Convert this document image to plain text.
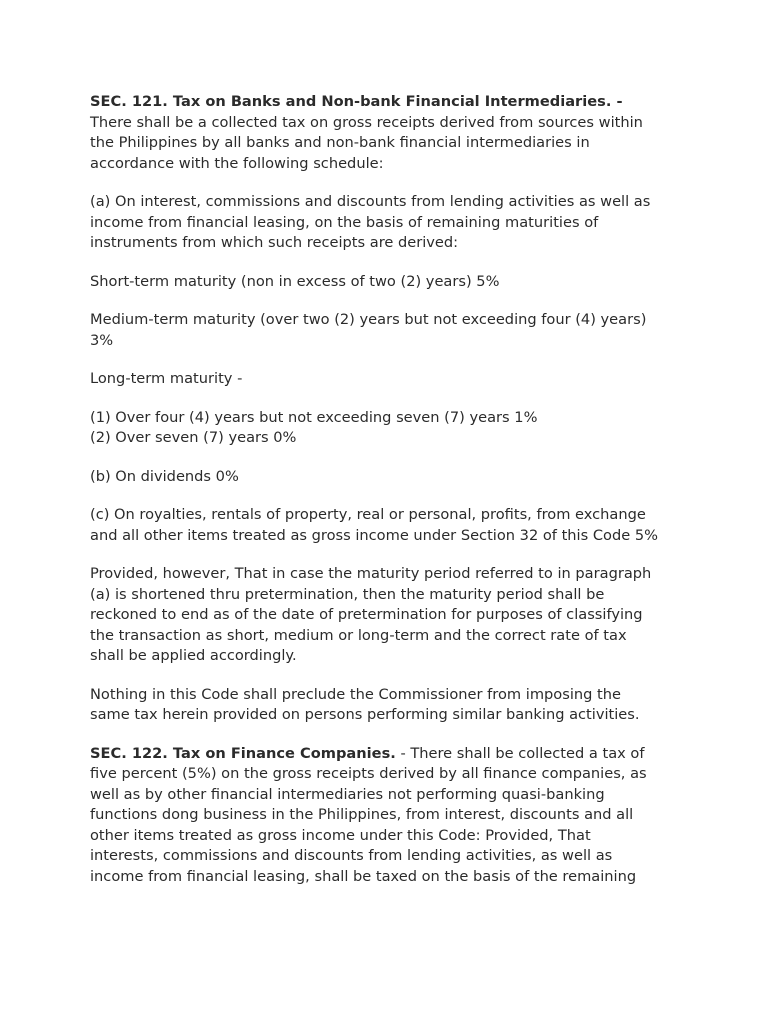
SEC. 121. Tax on Banks and Non-bank Financial Intermediaries. -
There shall be a collected tax on gross receipts derived from sources within
the Philippines by all banks and non-bank financial intermediaries in
accordance with the following schedule:

(a) On interest, commissions and discounts from lending activities as well as
income from financial leasing, on the basis of remaining maturities of
instruments from which such receipts are derived:

Short-term maturity (non in excess of two (2) years) 5%

Medium-term maturity (over two (2) years but not exceeding four (4) years)
3%

Long-term maturity -

(1) Over four (4) years but not exceeding seven (7) years 1%
(2) Over seven (7) years 0%

(b) On dividends 0%

(c) On royalties, rentals of property, real or personal, profits, from exchange
and all other items treated as gross income under Section 32 of this Code 5%

Provided, however, That in case the maturity period referred to in paragraph
(a) is shortened thru pretermination, then the maturity period shall be
reckoned to end as of the date of pretermination for purposes of classifying
the transaction as short, medium or long-term and the correct rate of tax
shall be applied accordingly.

Nothing in this Code shall preclude the Commissioner from imposing the
same tax herein provided on persons performing similar banking activities.

SEC. 122. Tax on Finance Companies. - There shall be collected a tax of
five percent (5%) on the gross receipts derived by all finance companies, as
well as by other financial intermediaries not performing quasi-banking
functions dong business in the Philippines, from interest, discounts and all
other items treated as gross income under this Code: Provided, That
interests, commissions and discounts from lending activities, as well as
income from financial leasing, shall be taxed on the basis of the remaining
